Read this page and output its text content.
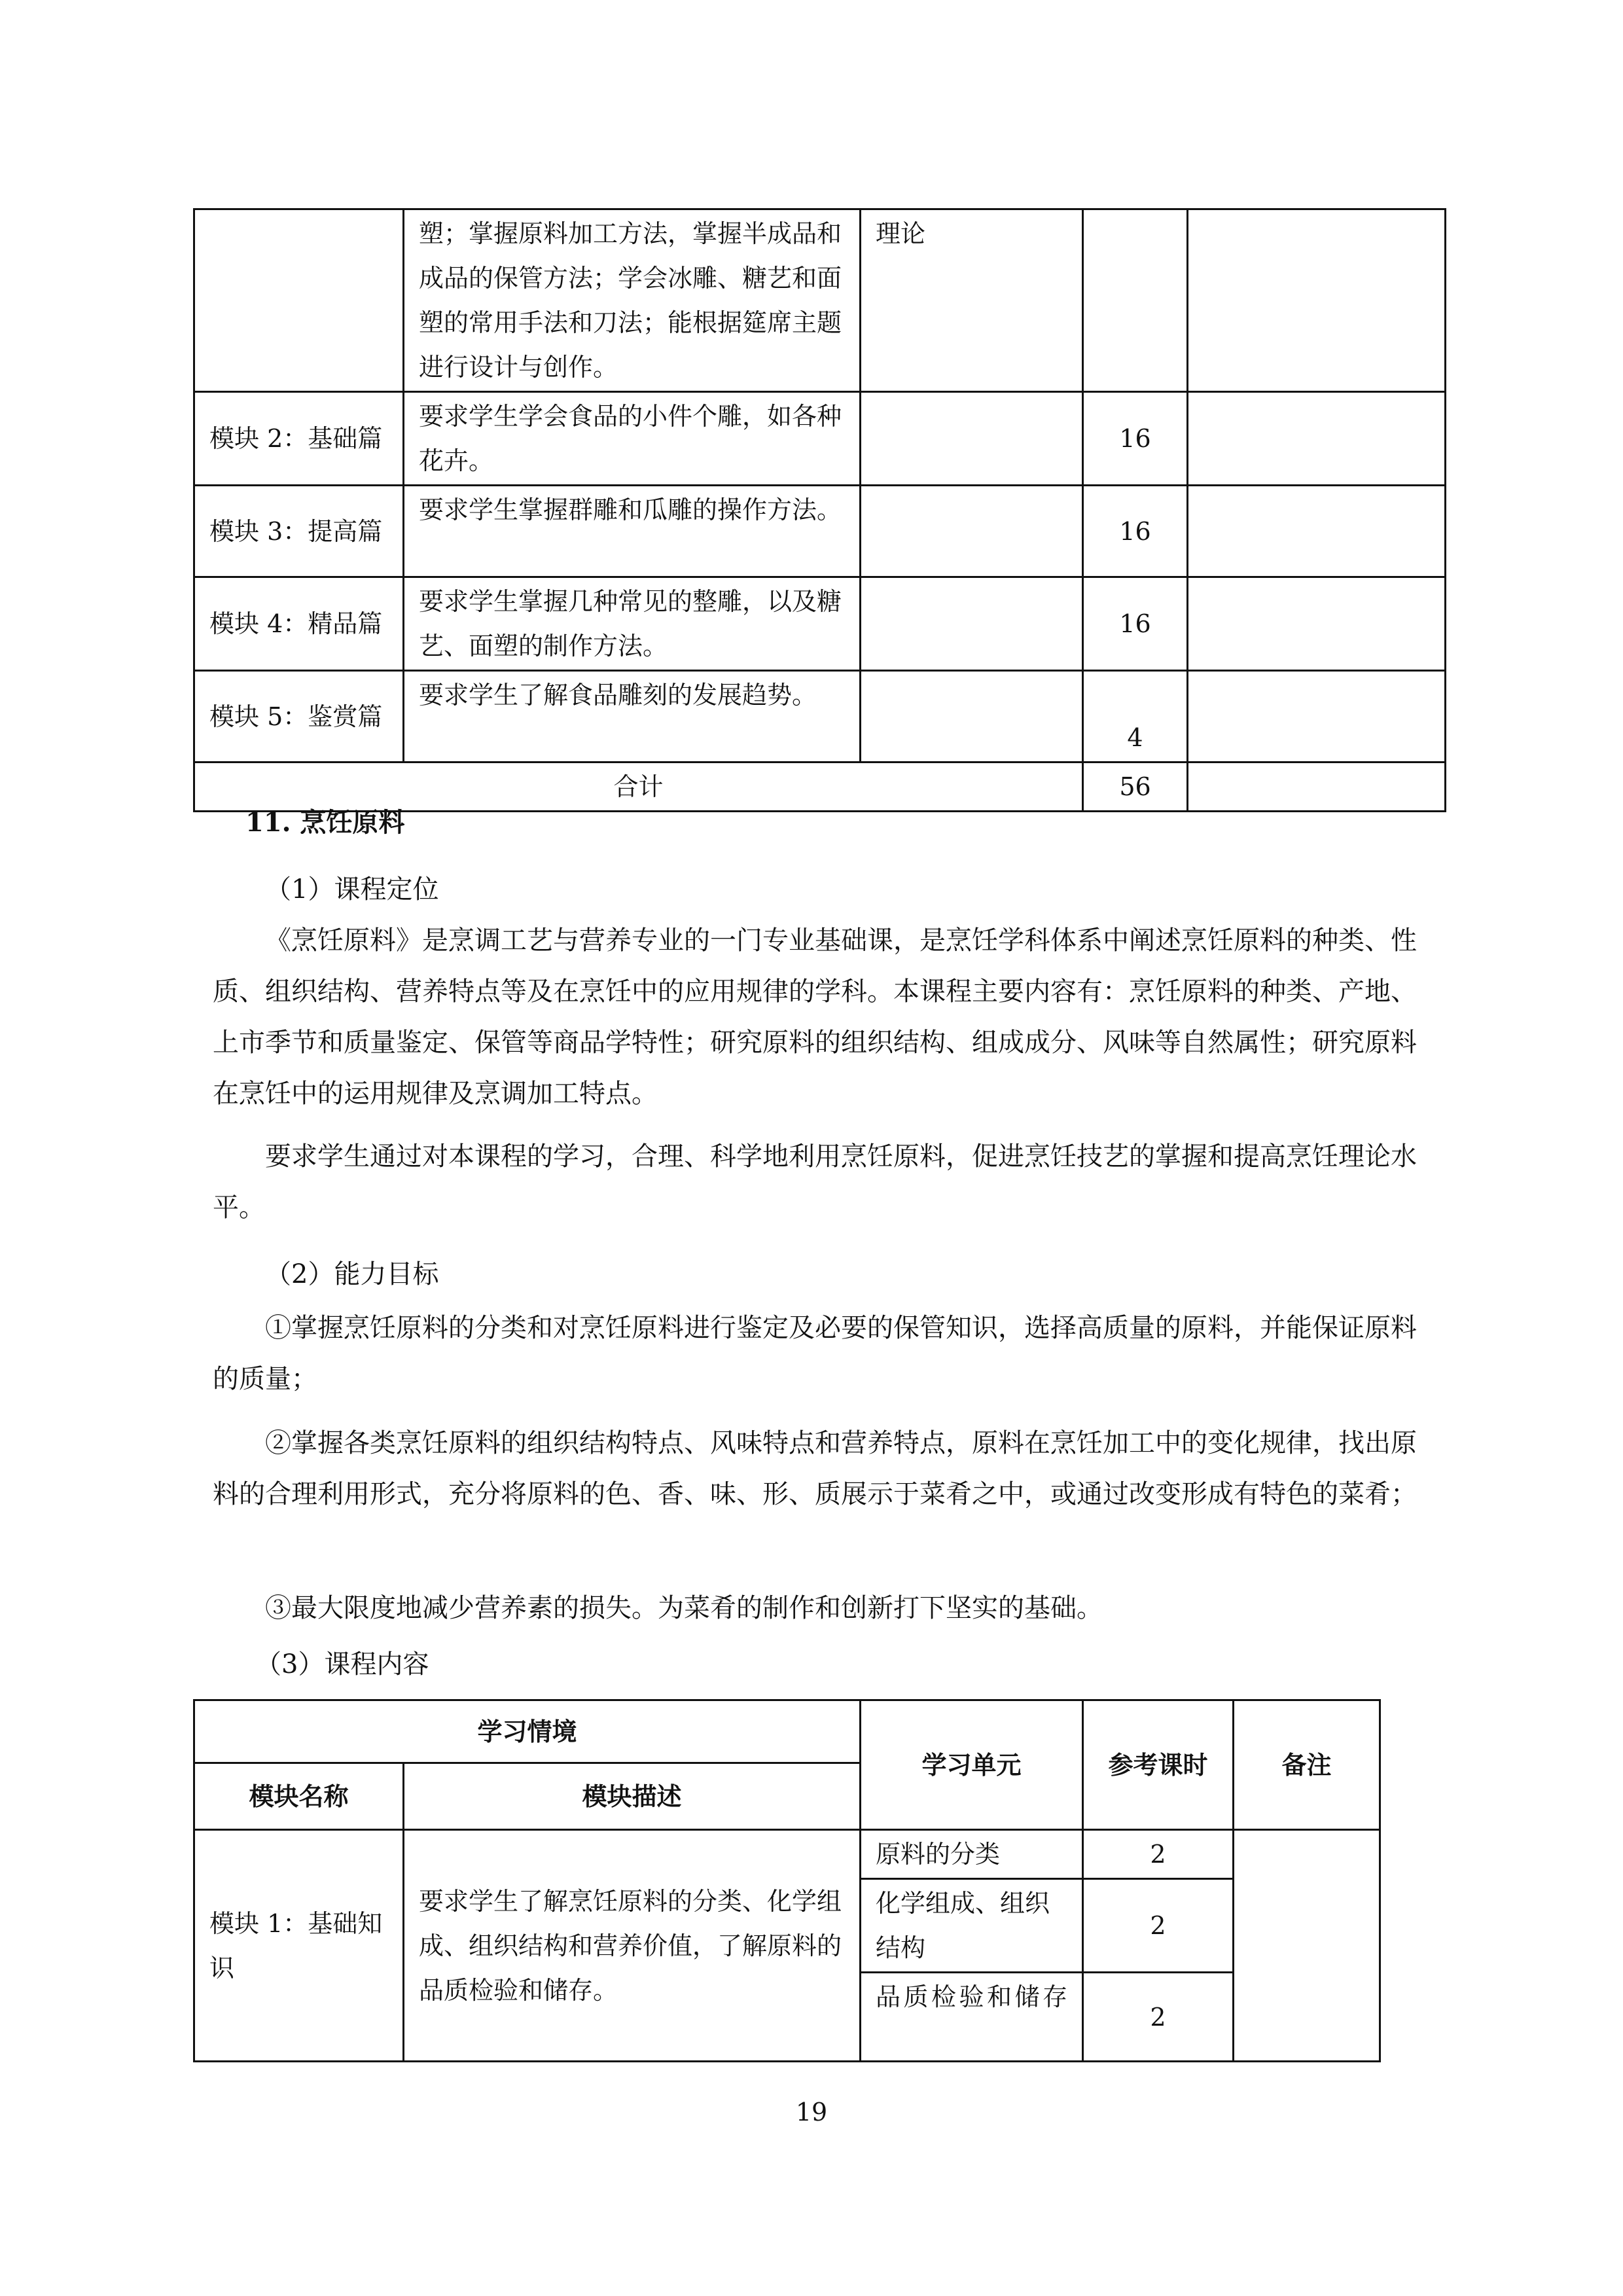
	塑；掌握原料加工方法，掌握半成品和成品的保管方法；学会冰雕、糖艺和面塑的常用手法和刀法；能根据筵席主题进行设计与创作。	理论		
模块 2：基础篇	要求学生学会食品的小件个雕，如各种花卉。		16	
模块 3：提高篇	要求学生掌握群雕和瓜雕的操作方法。		16	
模块 4：精品篇	要求学生掌握几种常见的整雕，以及糖艺、面塑的制作方法。		16	
模块 5：鉴赏篇	要求学生了解食品雕刻的发展趋势。		4	
合计			56	
11. 烹饪原料
（1）课程定位
《烹饪原料》是烹调工艺与营养专业的一门专业基础课，是烹饪学科体系中阐述烹饪原料的种类、性质、组织结构、营养特点等及在烹饪中的应用规律的学科。本课程主要内容有：烹饪原料的种类、产地、上市季节和质量鉴定、保管等商品学特性；研究原料的组织结构、组成成分、风味等自然属性；研究原料在烹饪中的运用规律及烹调加工特点。
要求学生通过对本课程的学习，合理、科学地利用烹饪原料，促进烹饪技艺的掌握和提高烹饪理论水平。
（2）能力目标
①掌握烹饪原料的分类和对烹饪原料进行鉴定及必要的保管知识，选择高质量的原料，并能保证原料的质量；
②掌握各类烹饪原料的组织结构特点、风味特点和营养特点，原料在烹饪加工中的变化规律，找出原料的合理利用形式，充分将原料的色、香、味、形、质展示于菜肴之中，或通过改变形成有特色的菜肴；
③最大限度地减少营养素的损失。为菜肴的制作和创新打下坚实的基础。
（3）课程内容
学习情境		学习单元	参考课时	备注
模块名称	模块描述			
模块 1：基础知识	要求学生了解烹饪原料的分类、化学组成、组织结构和营养价值，了解原料的品质检验和储存。	原料的分类	2	
		化学组成、组织结构	2	
		品质检验和储存	2	
19
